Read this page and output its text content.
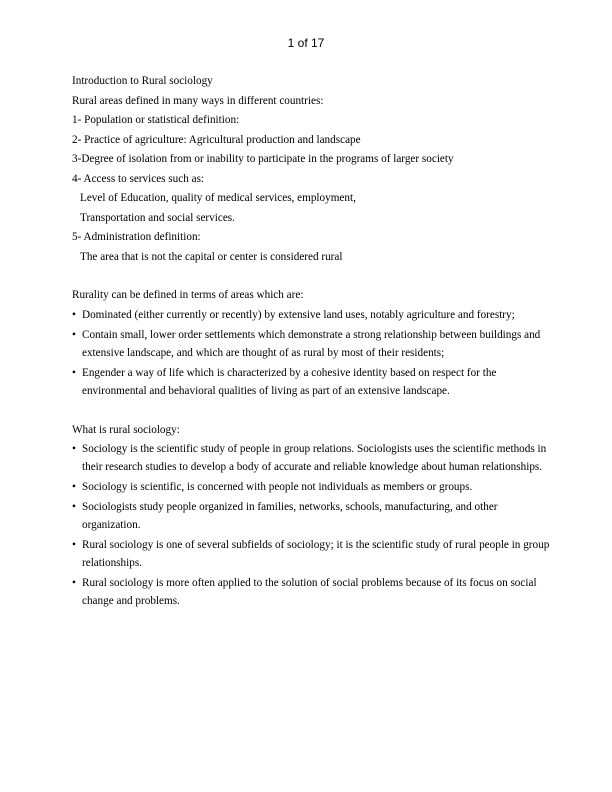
1 of 17
Introduction to Rural sociology
Rural areas defined in many ways in different countries:
1- Population or statistical definition:
2- Practice of agriculture: Agricultural production and landscape
3-Degree of isolation from or inability to participate in the programs of larger society
4- Access to services such as:
Level of Education, quality of medical services, employment,
Transportation and social services.
5- Administration definition:
The area that is not the capital or center is considered rural
Rurality can be defined in terms of areas which are:
• Dominated (either currently or recently) by extensive land uses, notably agriculture and forestry;
• Contain small, lower order settlements which demonstrate a strong relationship between buildings and extensive landscape, and which are thought of as rural by most of their residents;
• Engender a way of life which is characterized by a cohesive identity based on respect for the environmental and behavioral qualities of living as part of an extensive landscape.
What is rural sociology:
• Sociology is the scientific study of people in group relations. Sociologists uses the scientific methods in their research studies to develop a body of accurate and reliable knowledge about human relationships.
• Sociology is scientific, is concerned with people not individuals as members or groups.
• Sociologists study people organized in families, networks, schools, manufacturing, and other organization.
• Rural sociology is one of several subfields of sociology; it is the scientific study of rural people in group relationships.
• Rural sociology is more often applied to the solution of social problems because of its focus on social change and problems.
